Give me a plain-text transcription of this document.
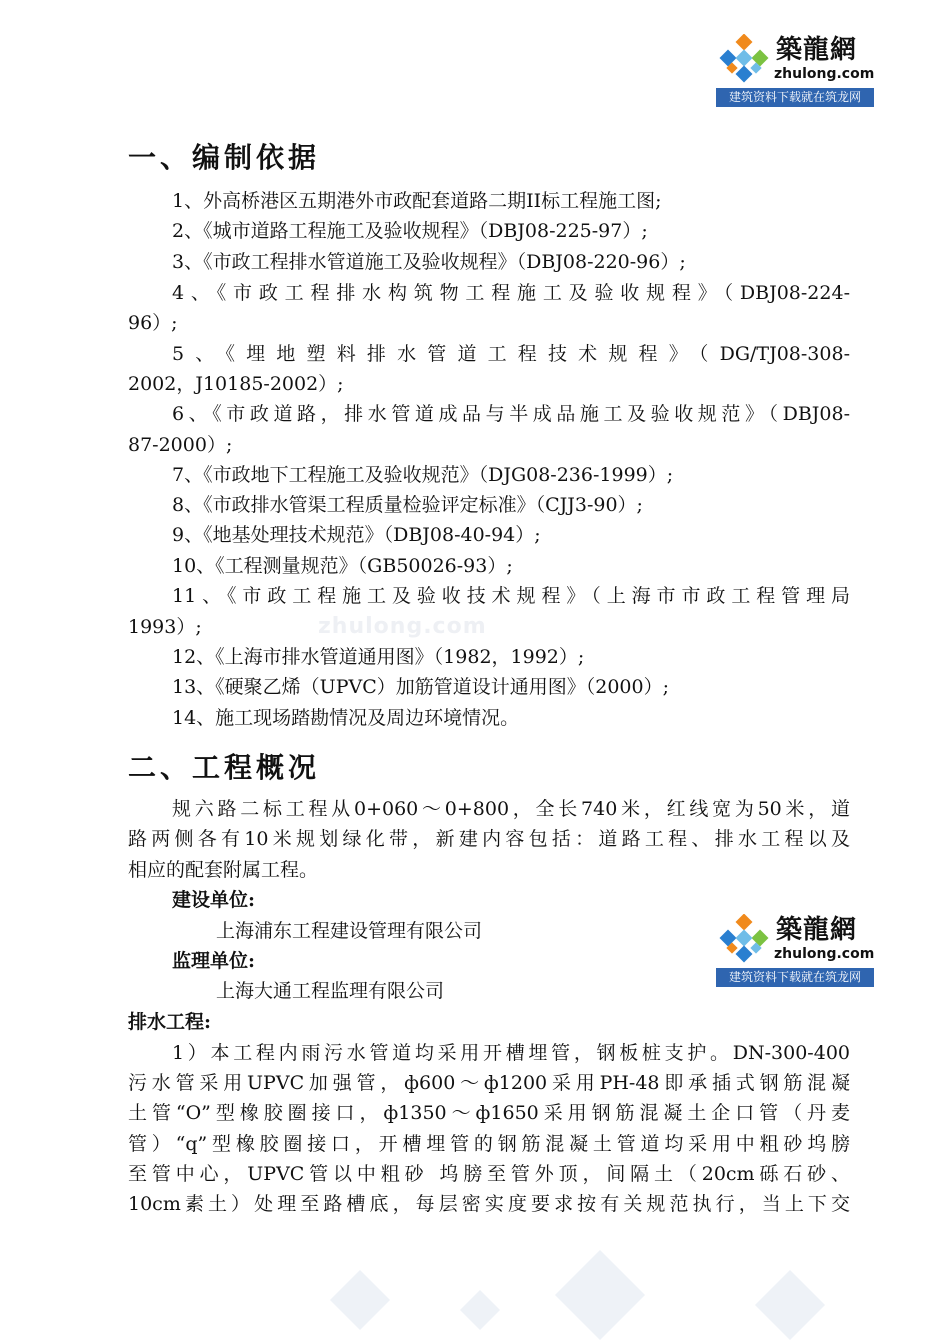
zhulong.com
築龍網
zhulong.com
建筑资料下载就在筑龙网
一、编制依据
1、外高桥港区五期港外市政配套道路二期II标工程施工图;
2、《城市道路工程施工及验收规程》（DBJ08-225-97）;
3、《市政工程排水管道施工及验收规程》（DBJ08-220-96）;
4、《市政工程排水构筑物工程施工及验收规程》（DBJ08-224-
96）;
5、《埋地塑料排水管道工程技术规程》（DG/TJ08-308-
2002，J10185-2002）;
6、《市政道路，排水管道成品与半成品施工及验收规范》（DBJ08-
87-2000）;
7、《市政地下工程施工及验收规范》（DJG08-236-1999）;
8、《市政排水管渠工程质量检验评定标准》（CJJ3-90）;
9、《地基处理技术规范》（DBJ08-40-94）;
10、《工程测量规范》（GB50026-93）;
11、《市政工程施工及验收技术规程》（上海市市政工程管理局
1993）;
12、《上海市排水管道通用图》（1982，1992）;
13、《硬聚乙烯（UPVC）加筋管道设计通用图》（2000）;
14、施工现场踏勘情况及周边环境情况。
二、工程概况
规六路二标工程从0+060～0+800，全长740米，红线宽为50米，道
路两侧各有10米规划绿化带，新建内容包括：道路工程、排水工程以及
相应的配套附属工程。
建设单位:
上海浦东工程建设管理有限公司	築龍網
zhulong.com
建筑资料下载就在筑龙网
监理单位:
上海大通工程监理有限公司
排水工程:
1）本工程内雨污水管道均采用开槽埋管，钢板桩支护。DN-300-400
污水管采用UPVC加强管，ф600～ф1200采用PH-48即承插式钢筋混凝
土管“O”型橡胶圈接口，ф1350～ф1650采用钢筋混凝土企口管（丹麦
管）“q”型橡胶圈接口，开槽埋管的钢筋混凝土管道均采用中粗砂坞膀
至管中心，UPVC管以中粗砂 坞膀至管外顶，间隔土（20cm砾石砂、
10cm素土）处理至路槽底，每层密实度要求按有关规范执行，当上下交
